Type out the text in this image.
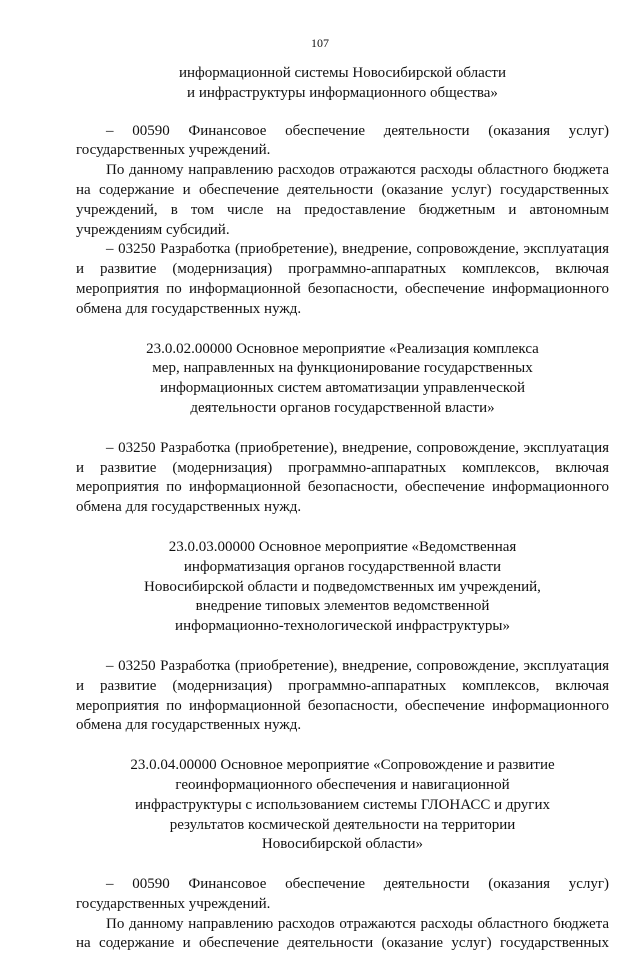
107
информационной системы Новосибирской области
и инфраструктуры информационного общества»
– 00590 Финансовое обеспечение деятельности (оказания услуг)
государственных учреждений.
По данному направлению расходов отражаются расходы областного бюджета
на содержание и обеспечение деятельности (оказание услуг) государственных
учреждений, в том числе на предоставление бюджетным и автономным
учреждениям субсидий.
– 03250 Разработка (приобретение), внедрение, сопровождение, эксплуатация
и развитие (модернизация) программно-аппаратных комплексов, включая
мероприятия по информационной безопасности, обеспечение информационного
обмена для государственных нужд.
23.0.02.00000 Основное мероприятие «Реализация комплекса
мер, направленных на функционирование государственных
информационных систем автоматизации управленческой
деятельности органов государственной власти»
– 03250 Разработка (приобретение), внедрение, сопровождение, эксплуатация
и развитие (модернизация) программно-аппаратных комплексов, включая
мероприятия по информационной безопасности, обеспечение информационного
обмена для государственных нужд.
23.0.03.00000 Основное мероприятие «Ведомственная
информатизация органов государственной власти
Новосибирской области и подведомственных им учреждений,
внедрение типовых элементов ведомственной
информационно-технологической инфраструктуры»
– 03250 Разработка (приобретение), внедрение, сопровождение, эксплуатация
и развитие (модернизация) программно-аппаратных комплексов, включая
мероприятия по информационной безопасности, обеспечение информационного
обмена для государственных нужд.
23.0.04.00000 Основное мероприятие «Сопровождение и развитие
геоинформационного обеспечения и навигационной
инфраструктуры с использованием системы ГЛОНАСС и других
результатов космической деятельности на территории
Новосибирской области»
– 00590 Финансовое обеспечение деятельности (оказания услуг)
государственных учреждений.
По данному направлению расходов отражаются расходы областного бюджета
на содержание и обеспечение деятельности (оказание услуг) государственных
